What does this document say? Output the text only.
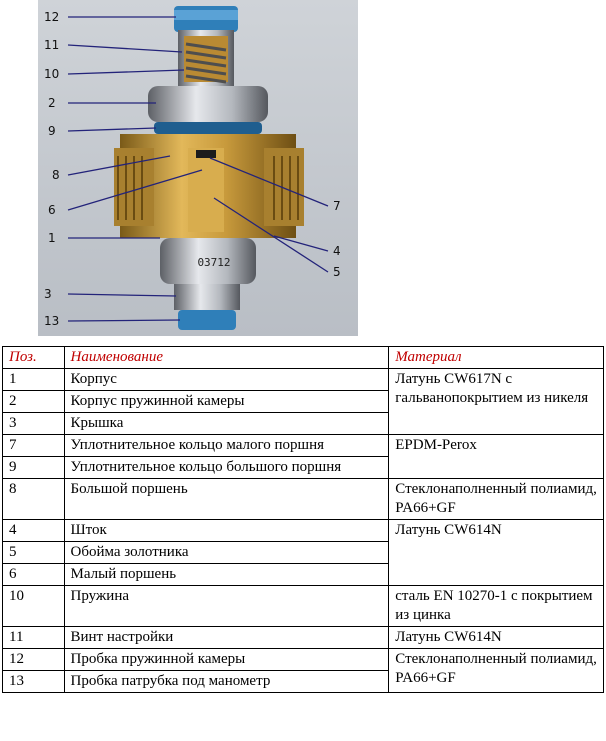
03712
12
11
10
2
9
8
6
1
3
13
7
4
5
Поз.	Наименование	Материал
1	Корпус	Латунь CW617N с гальванопокрытием из никеля
2	Корпус пружинной камеры	
3	Крышка	
7	Уплотнительное кольцо малого поршня	EPDM-Perox
9	Уплотнительное кольцо большого поршня	
8	Большой поршень	Стеклонаполненный полиамид, PA66+GF
4	Шток	Латунь CW614N
5	Обойма золотника	
6	Малый поршень	
10	Пружина	сталь EN 10270-1 с покрытием из цинка
11	Винт настройки	Латунь CW614N
12	Пробка пружинной камеры	Стеклонаполненный полиамид, PA66+GF
13	Пробка патрубка под манометр	
